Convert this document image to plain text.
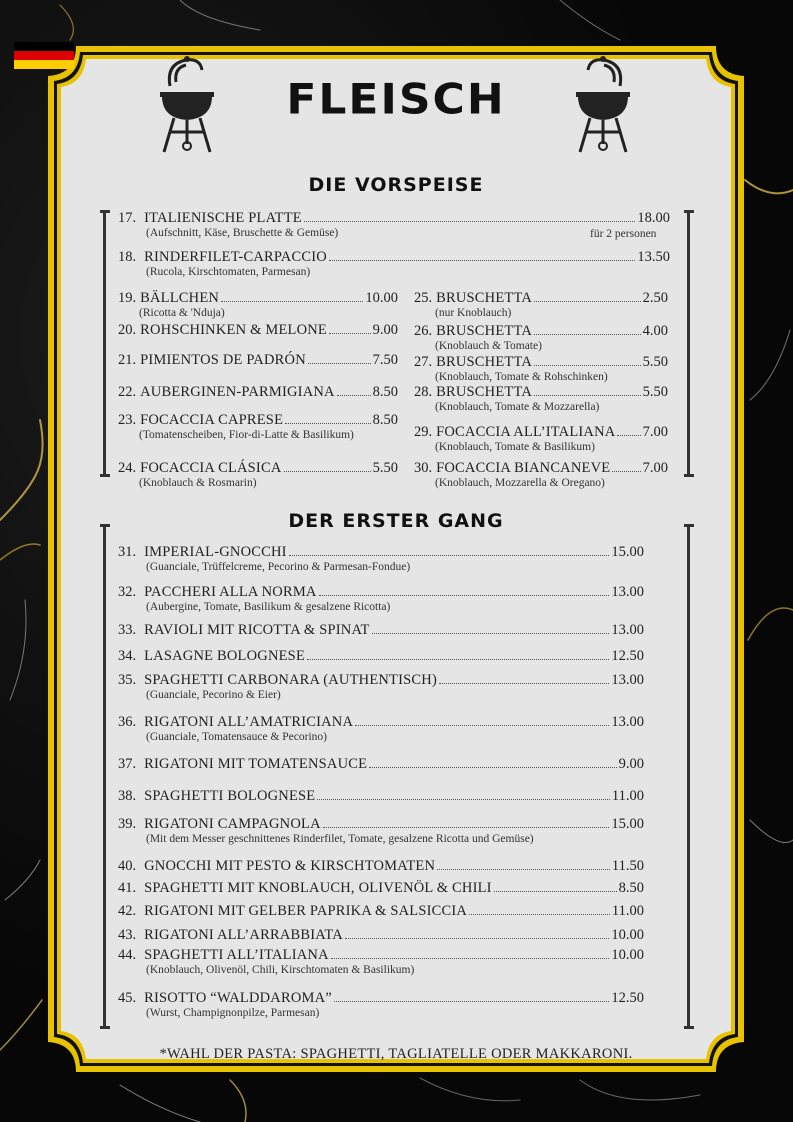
FLEISCH
DIE VORSPEISE
17. ITALIENISCHE PLATTE	18.00
(Aufschnitt, Käse, Bruschette & Gemüse)
18. RINDERFILET-CARPACCIO	13.50
(Rucola, Kirschtomaten, Parmesan)
für 2 personen
19. BÄLLCHEN	10.00
(Ricotta & 'Nduja)
20. ROHSCHINKEN & MELONE	9.00
21. PIMIENTOS DE PADRÓN	7.50
22. AUBERGINEN-PARMIGIANA	8.50
23. FOCACCIA CAPRESE	8.50
(Tomatenscheiben, Fior-di-Latte & Basilikum)
24. FOCACCIA CLÁSICA	5.50
(Knoblauch & Rosmarin)
25. BRUSCHETTA	2.50
(nur Knoblauch)
26. BRUSCHETTA	4.00
(Knoblauch & Tomate)
27. BRUSCHETTA	5.50
(Knoblauch, Tomate & Rohschinken)
28. BRUSCHETTA	5.50
(Knoblauch, Tomate & Mozzarella)
29. FOCACCIA ALL’ITALIANA 7.00
(Knoblauch, Tomate & Basilikum)
30. FOCACCIA BIANCANEVE 7.00
(Knoblauch, Mozzarella & Oregano)
DER ERSTER GANG
31. IMPERIAL-GNOCCHI	15.00
(Guanciale, Trüffelcreme, Pecorino & Parmesan-Fondue)
32. PACCHERI ALLA NORMA	13.00
(Aubergine, Tomate, Basilikum & gesalzene Ricotta)
33. RAVIOLI MIT RICOTTA & SPINAT	13.00
34. LASAGNE BOLOGNESE	12.50
35. SPAGHETTI CARBONARA (AUTHENTISCH)	13.00
(Guanciale, Pecorino & Eier)
36. RIGATONI ALL’AMATRICIANA	13.00
(Guanciale, Tomatensauce & Pecorino)
37. RIGATONI MIT TOMATENSAUCE	9.00
38. SPAGHETTI BOLOGNESE	11.00
39. RIGATONI CAMPAGNOLA	15.00
(Mit dem Messer geschnittenes Rinderfilet, Tomate, gesalzene Ricotta und Gemüse)
40. GNOCCHI MIT PESTO & KIRSCHTOMATEN	11.50
41. SPAGHETTI MIT KNOBLAUCH, OLIVENÖL & CHILI	8.50
42. RIGATONI MIT GELBER PAPRIKA & SALSICCIA	11.00
43. RIGATONI ALL’ARRABBIATA	10.00
44. SPAGHETTI ALL’ITALIANA	10.00
(Knoblauch, Olivenöl, Chili, Kirschtomaten & Basilikum)
45. RISOTTO “WALDDAROMA”	12.50
(Wurst, Champignonpilze, Parmesan)
*WAHL DER PASTA: SPAGHETTI, TAGLIATELLE ODER MAKKARONI.
